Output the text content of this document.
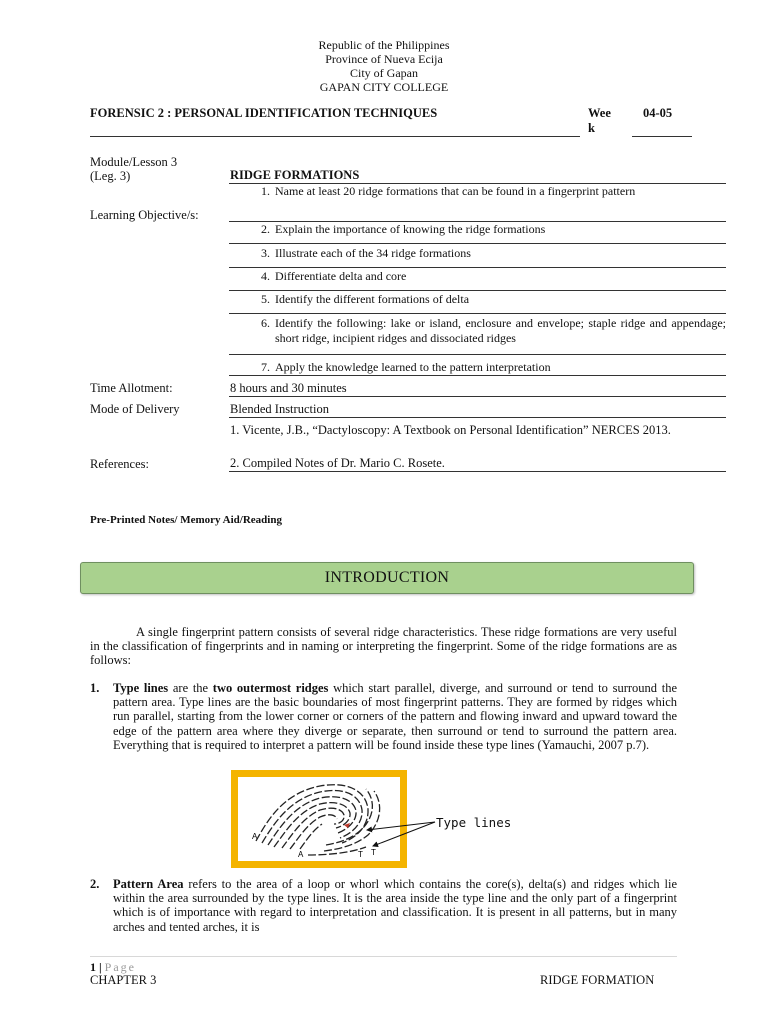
Republic of the Philippines
Province of Nueva Ecija
City of Gapan
GAPAN CITY COLLEGE
FORENSIC 2 : PERSONAL IDENTIFICATION TECHNIQUES	Wee k
04-05
Module/Lesson 3
(Leg. 3)	RIDGE FORMATIONS
Learning Objective/s:
1. Name at least 20 ridge formations that can be found in a fingerprint pattern
2. Explain the importance of knowing the ridge formations
3. Illustrate each of the 34 ridge formations
4. Differentiate delta and core
5. Identify the different formations of delta
6. Identify the following: lake or island, enclosure and envelope; staple ridge and appendage; short ridge, incipient ridges and dissociated ridges
7. Apply the knowledge learned to the pattern interpretation
Time Allotment:	8 hours and 30 minutes
Mode of Delivery	Blended Instruction
1. Vicente, J.B., “Dactyloscopy: A Textbook on Personal Identification” NERCES 2013.
References:	2. Compiled Notes of Dr. Mario C. Rosete.
Pre-Printed Notes/ Memory Aid/Reading
INTRODUCTION
A single fingerprint pattern consists of several ridge characteristics. These ridge formations are very useful in the classification of fingerprints and in naming or interpreting the fingerprint. Some of the ridge formations are as follows:
1. Type lines are the two outermost ridges which start parallel, diverge, and surround or tend to surround the pattern area. Type lines are the basic boundaries of most fingerprint patterns. They are formed by ridges which run parallel, starting from the lower corner or corners of the pattern and flowing inward and upward toward the edge of the pattern area where they diverge or separate, then surround or tend to surround the pattern area. Everything that is required to interpret a pattern will be found inside these type lines (Yamauchi, 2007 p.7).
A
A	T T
Type lines
2. Pattern Area refers to the area of a loop or whorl which contains the core(s), delta(s) and ridges which lie within the area surrounded by the type lines. It is the area inside the type line and the only part of a fingerprint which is of importance with regard to interpretation and classification. It is present in all patterns, but in many arches and tented arches, it is
1 | Page
CHAPTER 3	RIDGE FORMATION
